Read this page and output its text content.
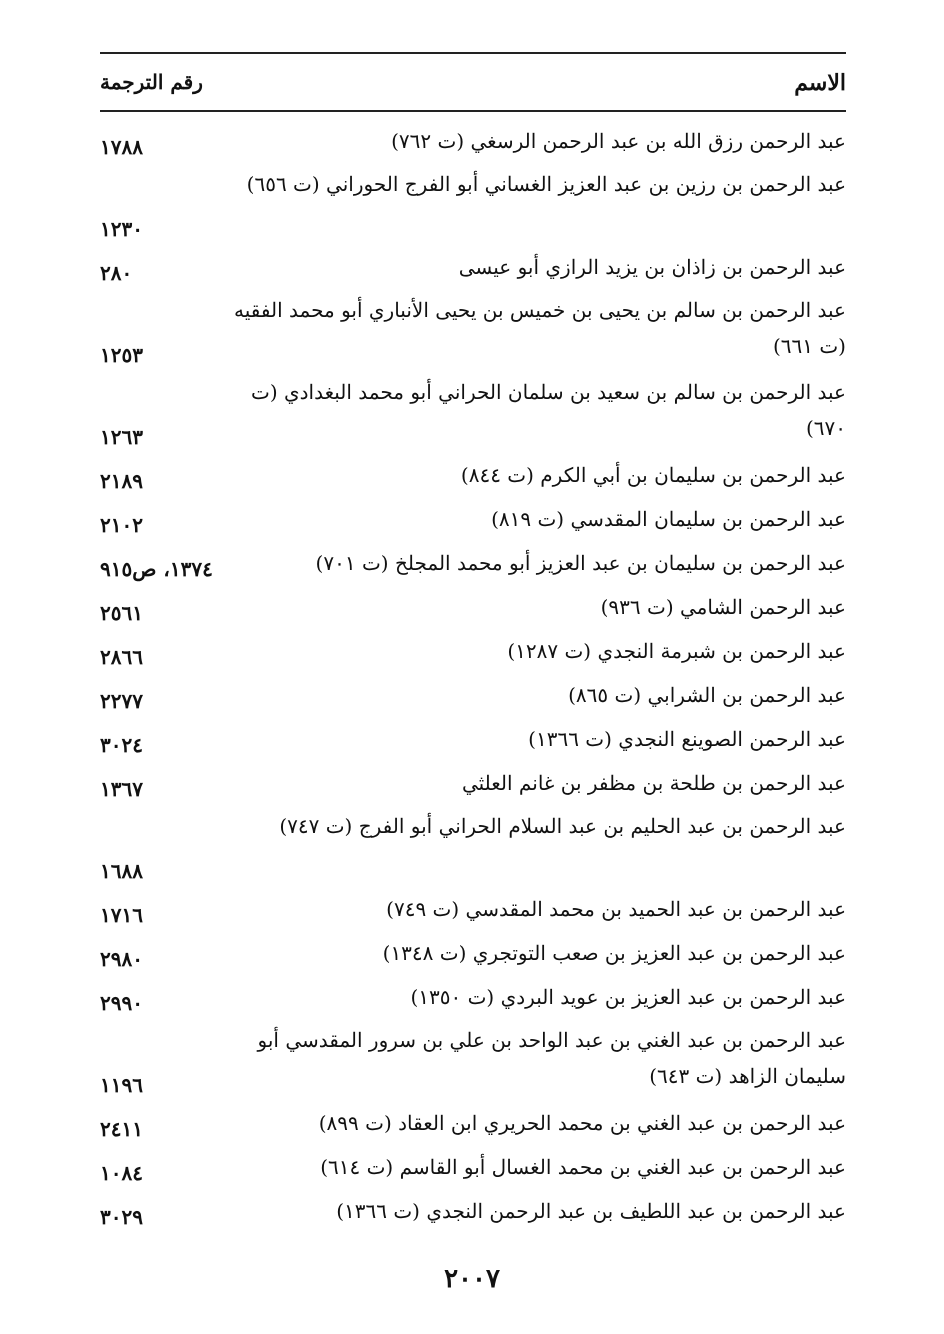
الاسم
رقم الترجمة
عبد الرحمن رزق الله بن عبد الرحمن الرسغي (ت ٧٦٢)
١٧٨٨
عبد الرحمن بن رزين بن عبد العزيز الغساني أبو الفرج الحوراني (ت ٦٥٦)
١٢٣٠
عبد الرحمن بن زاذان بن يزيد الرازي أبو عيسى
٢٨٠
عبد الرحمن بن سالم بن يحيى بن خميس بن يحيى الأنباري أبو محمد الفقيه (ت ٦٦١)
١٢٥٣
عبد الرحمن بن سالم بن سعيد بن سلمان الحراني أبو محمد البغدادي (ت ٦٧٠)
١٢٦٣
عبد الرحمن بن سليمان بن أبي الكرم (ت ٨٤٤)
٢١٨٩
عبد الرحمن بن سليمان المقدسي (ت ٨١٩)
٢١٠٢
عبد الرحمن بن سليمان بن عبد العزيز أبو محمد المجلخ (ت ٧٠١)
١٣٧٤، ص٩١٥
عبد الرحمن الشامي (ت ٩٣٦)
٢٥٦١
عبد الرحمن بن شبرمة النجدي (ت ١٢٨٧)
٢٨٦٦
عبد الرحمن بن الشرابي (ت ٨٦٥)
٢٢٧٧
عبد الرحمن الصوينع النجدي (ت ١٣٦٦)
٣٠٢٤
عبد الرحمن بن طلحة بن مظفر بن غانم العلثي
١٣٦٧
عبد الرحمن بن عبد الحليم بن عبد السلام الحراني أبو الفرج (ت ٧٤٧)
١٦٨٨
عبد الرحمن بن عبد الحميد بن محمد المقدسي (ت ٧٤٩)
١٧١٦
عبد الرحمن بن عبد العزيز بن صعب التوتجري (ت ١٣٤٨)
٢٩٨٠
عبد الرحمن بن عبد العزيز بن عويد البردي (ت ١٣٥٠)
٢٩٩٠
عبد الرحمن بن عبد الغني بن عبد الواحد بن علي بن سرور المقدسي أبو سليمان الزاهد (ت ٦٤٣)
١١٩٦
عبد الرحمن بن عبد الغني بن محمد الحريري ابن العقاد (ت ٨٩٩)
٢٤١١
عبد الرحمن بن عبد الغني بن محمد الغسال أبو القاسم (ت ٦١٤)
١٠٨٤
عبد الرحمن بن عبد اللطيف بن عبد الرحمن النجدي (ت ١٣٦٦)
٣٠٢٩
٢٠٠٧
